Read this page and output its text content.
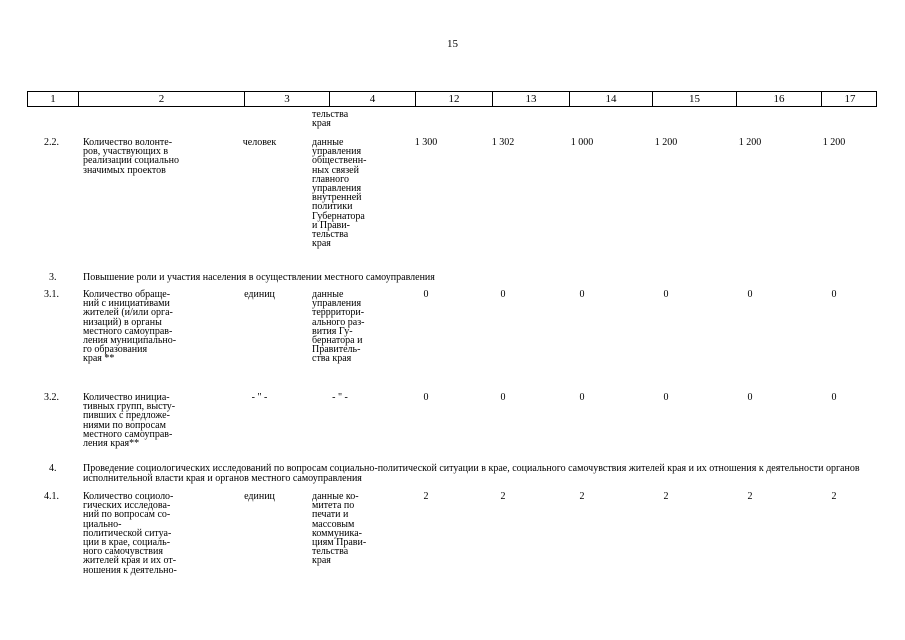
15
1	2	3	4	12	13	14	15	16	17
тельства
края
2.2.	Количество волонте-
ров, участвующих в
реализации социально
значимых проектов
человек	данные
управления
общественн-
ных связей
главного
управления
внутренней
политики
Губернатора
и Прави-
тельства
края
1 300	1 302	1 000	1 200	1 200	1 200
3.	Повышение роли и участия населения в осуществлении местного самоуправления
3.1.	Количество обраще-
ний с инициативами
жителей (и/или орга-
низаций) в органы
местного самоуправ-
ления муниципально-
го образования
края **
единиц	данные
управления
террритори-
ального раз-
вития Гу-
бернатора и
Правитель-
ства края
0	0	0	0	0	0
3.2.	Количество инициа-
тивных групп, высту-
пивших с предложе-
ниями по вопросам
местного самоуправ-
ления края**
- " -	- " -	0	0	0	0	0	0
4.	Проведение социологических исследований по вопросам социально-политической ситуации в крае, социального самочувствия жителей края и их отношения к деятельности органов исполнительной власти края и органов местного самоуправления
4.1.	Количество социоло-
гических исследова-
ний по вопросам со-
циально-
политической ситуа-
ции в крае, социаль-
ного самочувствия
жителей края и их от-
ношения к деятельно-
единиц	данные ко-
митета по
печати и
массовым
коммуника-
циям Прави-
тельства
края
2	2	2	2	2	2
